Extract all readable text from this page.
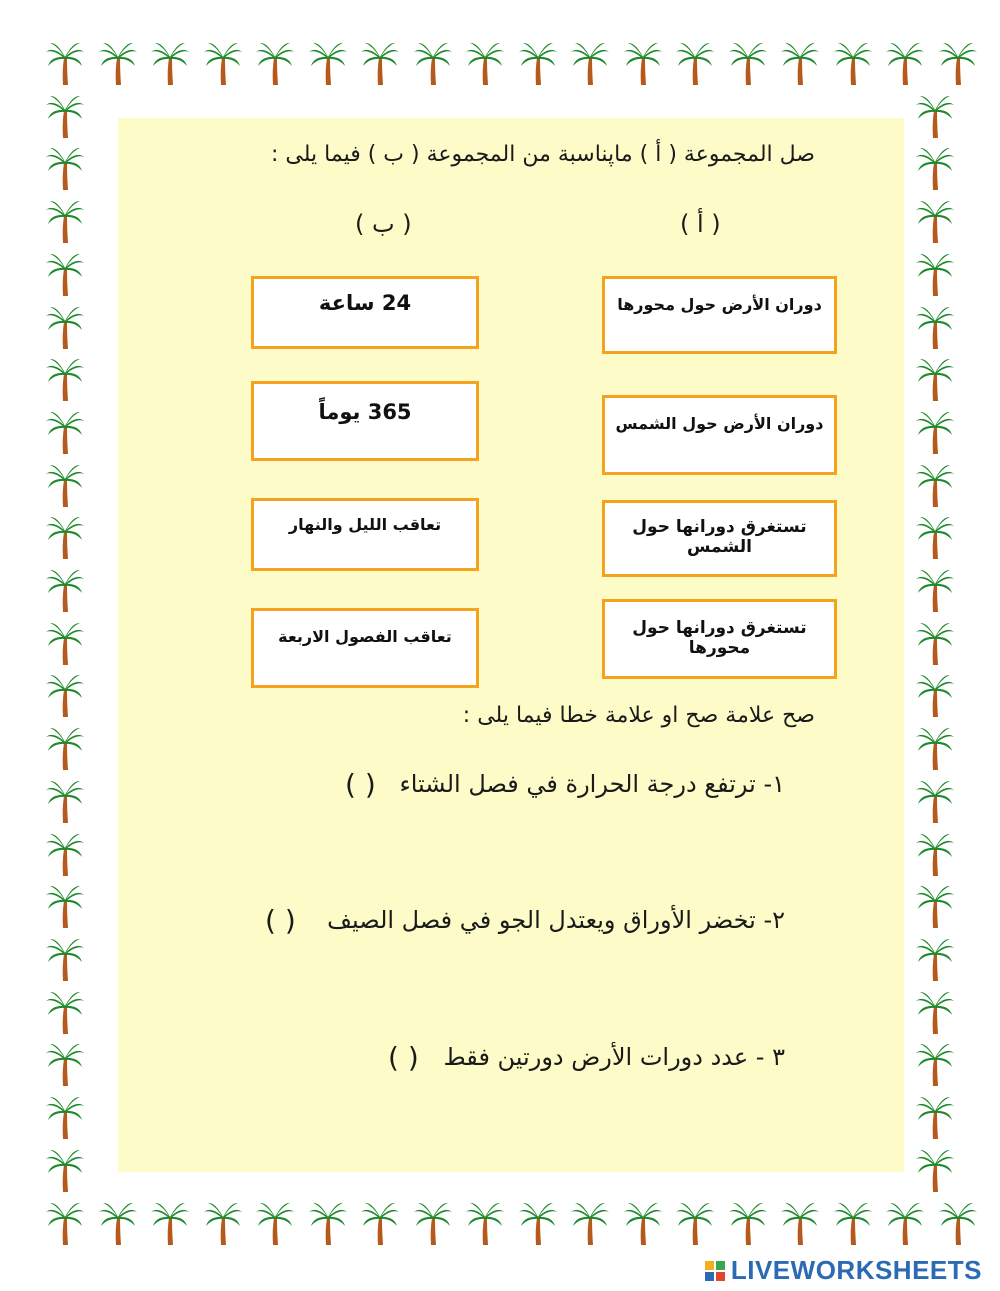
صل المجموعة ( أ ) ماپناسبة من المجموعة ( ب ) فيما يلى :
( ب )	( أ )
24 ساعة
365 يوماً
تعاقب الليل والنهار
تعاقب الفصول الاربعة
دوران الأرض حول محورها
دوران الأرض حول الشمس
تستغرق دورانها حول الشمس
تستغرق دورانها حول محورها
صح علامة صح او علامة خطا فيما يلى :
١- ترتفع درجة الحرارة في فصل الشتاء
( )
٢- تخضر الأوراق ويعتدل الجو في فصل الصيف
( )
٣ - عدد دورات الأرض دورتين فقط
( )
LIVEWORKSHEETS
